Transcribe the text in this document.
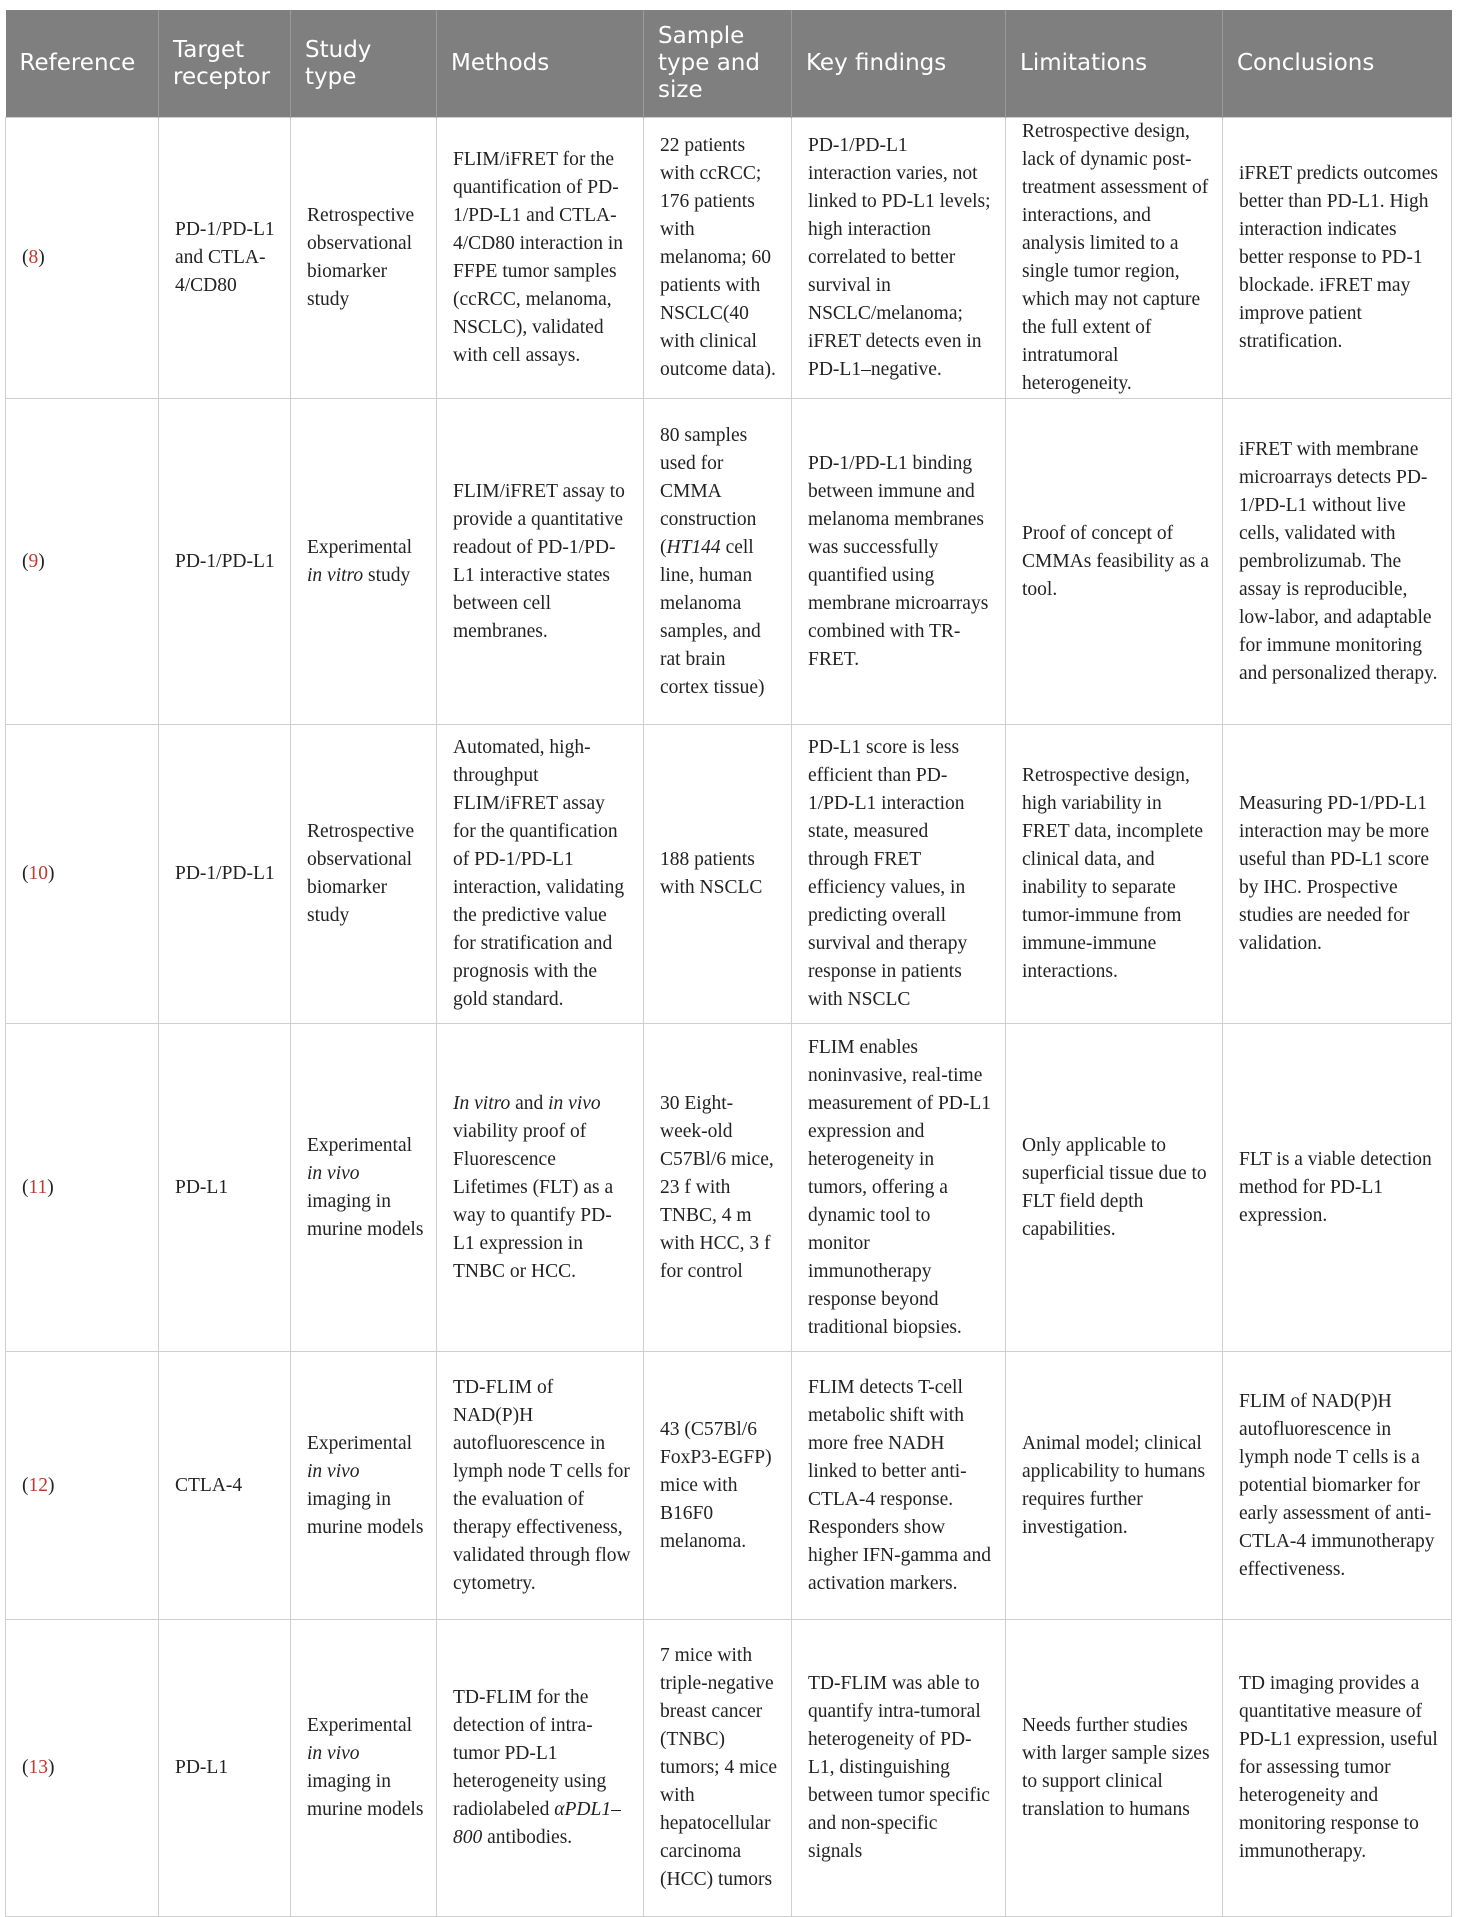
Reference	Target receptor	Study type	Methods	Sample type and size	Key findings	Limitations	Conclusions
(8)	PD-1/PD-L1 and CTLA-4/CD80	Retrospective observational biomarker study	FLIM/iFRET for the quantification of PD-1/PD-L1 and CTLA-4/CD80 interaction in FFPE tumor samples (ccRCC, melanoma, NSCLC), validated with cell assays.	22 patients with ccRCC; 176 patients with melanoma; 60 patients with NSCLC(40 with clinical outcome data).	PD-1/PD-L1 interaction varies, not linked to PD-L1 levels; high interaction correlated to better survival in NSCLC/melanoma; iFRET detects even in PD-L1–negative.	Retrospective design, lack of dynamic post-treatment assessment of interactions, and analysis limited to a single tumor region, which may not capture the full extent of intratumoral heterogeneity.	iFRET predicts outcomes better than PD-L1. High interaction indicates better response to PD-1 blockade. iFRET may improve patient stratification.
(9)	PD-1/PD-L1	Experimental in vitro study	FLIM/iFRET assay to provide a quantitative readout of PD-1/PD-L1 interactive states between cell membranes.	80 samples used for CMMA construction (HT144 cell line, human melanoma samples, and rat brain cortex tissue)	PD-1/PD-L1 binding between immune and melanoma membranes was successfully quantified using membrane microarrays combined with TR-FRET.	Proof of concept of CMMAs feasibility as a tool.	iFRET with membrane microarrays detects PD-1/PD-L1 without live cells, validated with pembrolizumab. The assay is reproducible, low-labor, and adaptable for immune monitoring and personalized therapy.
(10)	PD-1/PD-L1	Retrospective observational biomarker study	Automated, high-throughput FLIM/iFRET assay for the quantification of PD-1/PD-L1 interaction, validating the predictive value for stratification and prognosis with the gold standard.	188 patients with NSCLC	PD-L1 score is less efficient than PD-1/PD-L1 interaction state, measured through FRET efficiency values, in predicting overall survival and therapy response in patients with NSCLC	Retrospective design, high variability in FRET data, incomplete clinical data, and inability to separate tumor-immune from immune-immune interactions.	Measuring PD-1/PD-L1 interaction may be more useful than PD-L1 score by IHC. Prospective studies are needed for validation.
(11)	PD-L1	Experimental in vivo imaging in murine models	In vitro and in vivo viability proof of Fluorescence Lifetimes (FLT) as a way to quantify PD-L1 expression in TNBC or HCC.	30 Eight-week-old C57Bl/6 mice, 23 f with TNBC, 4 m with HCC, 3 f for control	FLIM enables noninvasive, real-time measurement of PD-L1 expression and heterogeneity in tumors, offering a dynamic tool to monitor immunotherapy response beyond traditional biopsies.	Only applicable to superficial tissue due to FLT field depth capabilities.	FLT is a viable detection method for PD-L1 expression.
(12)	CTLA-4	Experimental in vivo imaging in murine models	TD-FLIM of NAD(P)H autofluorescence in lymph node T cells for the evaluation of therapy effectiveness, validated through flow cytometry.	43 (C57Bl/6 FoxP3-EGFP) mice with B16F0 melanoma.	FLIM detects T-cell metabolic shift with more free NADH linked to better anti-CTLA-4 response. Responders show higher IFN-gamma and activation markers.	Animal model; clinical applicability to humans requires further investigation.	FLIM of NAD(P)H autofluorescence in lymph node T cells is a potential biomarker for early assessment of anti-CTLA-4 immunotherapy effectiveness.
(13)	PD-L1	Experimental in vivo imaging in murine models	TD-FLIM for the detection of intra-tumor PD-L1 heterogeneity using radiolabeled αPDL1–800 antibodies.	7 mice with triple-negative breast cancer (TNBC) tumors; 4 mice with hepatocellular carcinoma (HCC) tumors	TD-FLIM was able to quantify intra-tumoral heterogeneity of PD-L1, distinguishing between tumor specific and non-specific signals	Needs further studies with larger sample sizes to support clinical translation to humans	TD imaging provides a quantitative measure of PD-L1 expression, useful for assessing tumor heterogeneity and monitoring response to immunotherapy.
